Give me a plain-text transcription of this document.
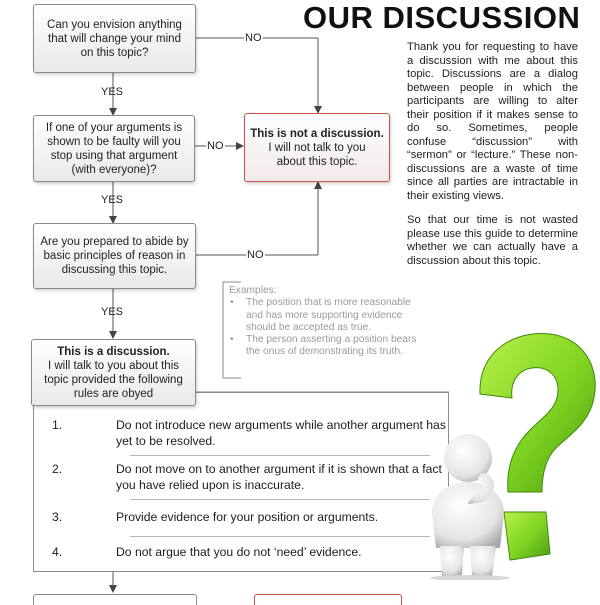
OUR DISCUSSION
Thank you for requesting to have a discussion with me about this topic. Discussions are a dialog between people in which the participants are willing to alter their position if it makes sense to do so. Sometimes, people confuse “discussion” with “sermon” or “lecture.” These non-discussions are a waste of time since all parties are intractable in their existing views.
So that our time is not wasted please use this guide to determine whether we can actually have a discussion about this topic.
Can you envision anything that will change your mind on this topic?
If one of your arguments is shown to be faulty will you stop using that argument (with everyone)?
Are you prepared to abide by basic principles of reason in discussing this topic.
NO
YES
NO
YES
NO
YES
This is not a discussion.
I will not talk to you about this topic.
Examples:
• The position that is more reasonable and has more supporting evidence should be accepted as true.
• The person asserting a position bears the onus of demonstrating its truth.
This is a discussion.
I will talk to you about this topic provided the following rules are obyed
1.	Do not introduce new arguments while another argument has yet to be resolved.
2.	Do not move on to another argument if it is shown that a fact you have relied upon is inaccurate.
3.	Provide evidence for your position or arguments.
4.	Do not argue that you do not ‘need’ evidence.
